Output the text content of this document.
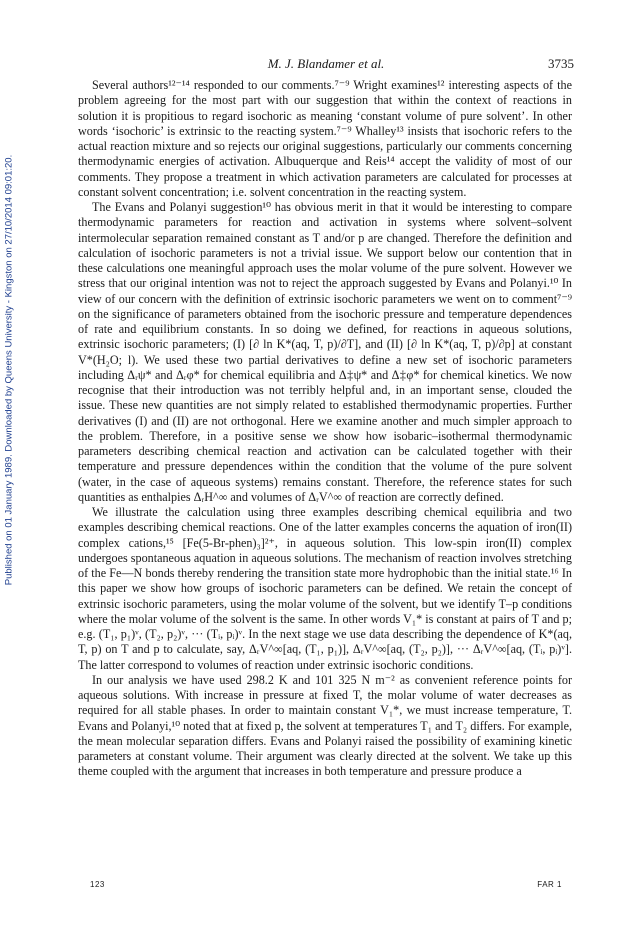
Published on 01 January 1989. Downloaded by Queens University - Kingston on 27/10/2014 09:01:20.
M. J. Blandamer et al.	3735

Several authors¹²⁻¹⁴ responded to our comments.⁷⁻⁹ Wright examines¹² interesting aspects of the problem agreeing for the most part with our suggestion that within the context of reactions in solution it is propitious to regard isochoric as meaning ‘constant volume of pure solvent’. In other words ‘isochoric’ is extrinsic to the reacting system.⁷⁻⁹ Whalley¹³ insists that isochoric refers to the actual reaction mixture and so rejects our original suggestions, particularly our comments concerning thermodynamic energies of activation. Albuquerque and Reis¹⁴ accept the validity of most of our comments. They propose a treatment in which activation parameters are calculated for processes at constant solvent concentration; i.e. solvent concentration in the reacting system.

The Evans and Polanyi suggestion¹⁰ has obvious merit in that it would be interesting to compare thermodynamic parameters for reaction and activation in systems where solvent–solvent intermolecular separation remained constant as T and/or p are changed. Therefore the definition and calculation of isochoric parameters is not a trivial issue. We support below our contention that in these calculations one meaningful approach uses the molar volume of the pure solvent. However we stress that our original intention was not to reject the approach suggested by Evans and Polanyi.¹⁰ In view of our concern with the definition of extrinsic isochoric parameters we went on to comment⁷⁻⁹ on the significance of parameters obtained from the isochoric pressure and temperature dependences of rate and equilibrium constants. In so doing we defined, for reactions in aqueous solutions, extrinsic isochoric parameters; (I) [∂ ln K*(aq, T, p)/∂T], and (II) [∂ ln K*(aq, T, p)/∂p] at constant V*(H₂O; l). We used these two partial derivatives to define a new set of isochoric parameters including Δᵣψ* and Δᵣφ* for chemical equilibria and Δ‡ψ* and Δ‡φ* for chemical kinetics. We now recognise that their introduction was not terribly helpful and, in an important sense, clouded the issue. These new quantities are not simply related to established thermodynamic properties. Further derivatives (I) and (II) are not orthogonal. Here we examine another and much simpler approach to the problem. Therefore, in a positive sense we show how isobaric–isothermal thermodynamic parameters describing chemical reaction and activation can be calculated together with their temperature and pressure dependences within the condition that the volume of the pure solvent (water, in the case of aqueous systems) remains constant. Therefore, the reference states for such quantities as enthalpies ΔᵣH^∞ and volumes of ΔᵣV^∞ of reaction are correctly defined.

We illustrate the calculation using three examples describing chemical equilibria and two examples describing chemical reactions. One of the latter examples concerns the aquation of iron(II) complex cations,¹⁵ [Fe(5-Br-phen)₃]²⁺, in aqueous solution. This low-spin iron(II) complex undergoes spontaneous aquation in aqueous solutions. The mechanism of reaction involves stretching of the Fe—N bonds thereby rendering the transition state more hydrophobic than the initial state.¹⁶ In this paper we show how groups of isochoric parameters can be defined. We retain the concept of extrinsic isochoric parameters, using the molar volume of the solvent, but we identify T–p conditions where the molar volume of the solvent is the same. In other words V₁* is constant at pairs of T and p; e.g. (T₁, p₁)ᵛ, (T₂, p₂)ᵛ, ··· (Tᵢ, pᵢ)ᵛ. In the next stage we use data describing the dependence of K*(aq, T, p) on T and p to calculate, say, ΔᵣV^∞[aq, (T₁, p₁)], ΔᵣV^∞[aq, (T₂, p₂)], ··· ΔᵣV^∞[aq, (Tᵢ, pᵢ)ᵛ]. The latter correspond to volumes of reaction under extrinsic isochoric conditions.

In our analysis we have used 298.2 K and 101 325 N m⁻² as convenient reference points for aqueous solutions. With increase in pressure at fixed T, the molar volume of water decreases as required for all stable phases. In order to maintain constant V₁*, we must increase temperature, T. Evans and Polanyi,¹⁰ noted that at fixed p, the solvent at temperatures T₁ and T₂ differs. For example, the mean molecular separation differs. Evans and Polanyi raised the possibility of examining kinetic parameters at constant volume. Their argument was clearly directed at the solvent. We take up this theme coupled with the argument that increases in both temperature and pressure produce a

123	FAR 1
